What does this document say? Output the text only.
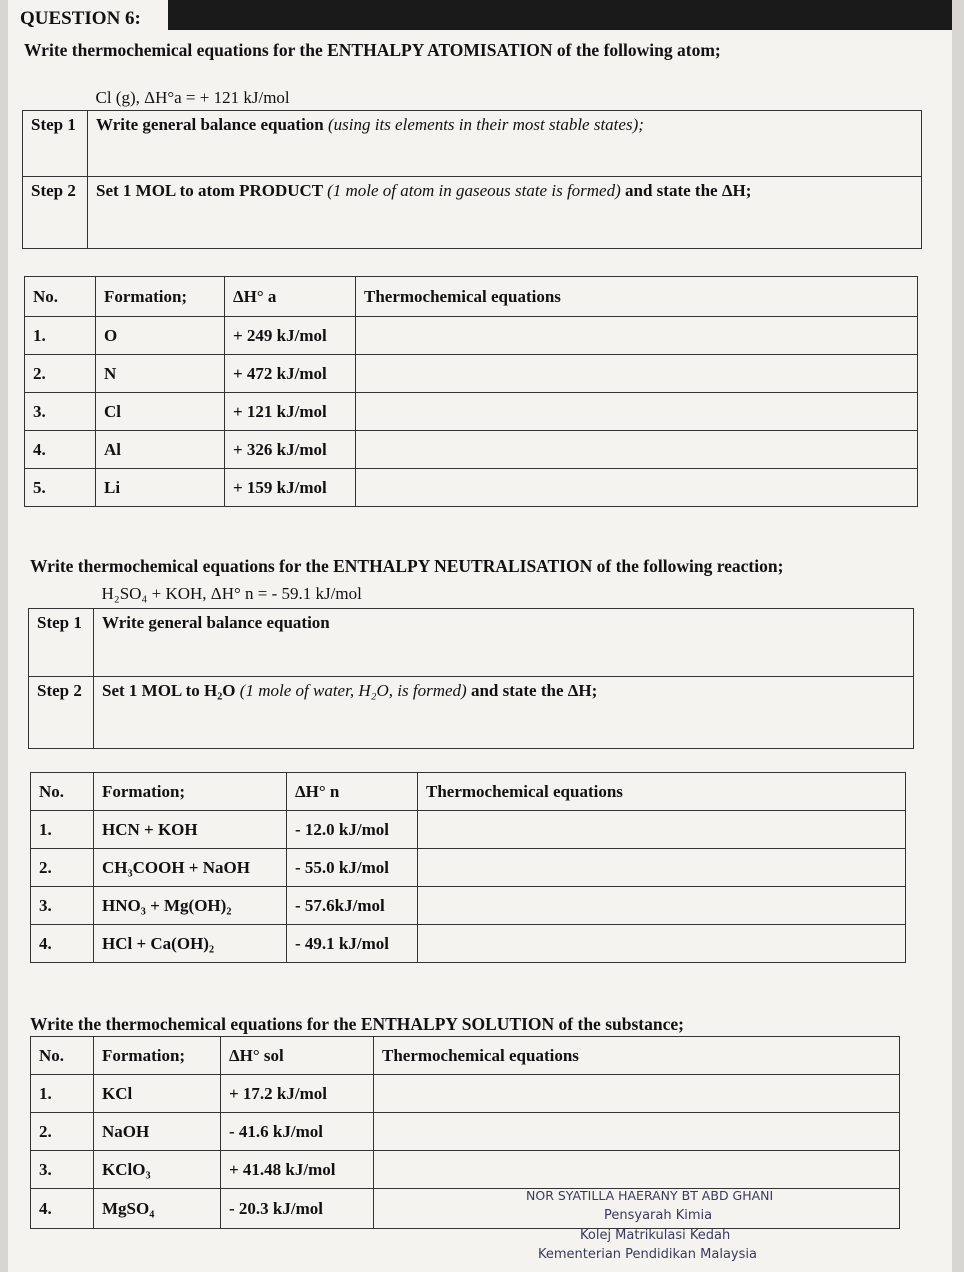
QUESTION 6:
Write thermochemical equations for the ENTHALPY ATOMISATION of the following atom;
	Cl (g), ΔH°a = + 121 kJ/mol
Step 1	Write general balance equation (using its elements in their most stable states);
Step 2	Set 1 MOL to atom PRODUCT (1 mole of atom in gaseous state is formed) and state the ΔH;
No.	Formation;	ΔH° a	Thermochemical equations
1.	O	+ 249 kJ/mol	
2.	N	+ 472 kJ/mol	
3.	Cl	+ 121 kJ/mol	
4.	Al	+ 326 kJ/mol	
5.	Li	+ 159 kJ/mol	
Write thermochemical equations for the ENTHALPY NEUTRALISATION of the following reaction;
	H₂SO₄ + KOH, ΔH° n = - 59.1 kJ/mol
Step 1	Write general balance equation
Step 2	Set 1 MOL to H₂O (1 mole of water, H₂O, is formed) and state the ΔH;
No.	Formation;	ΔH° n	Thermochemical equations
1.	HCN + KOH	- 12.0 kJ/mol	
2.	CH₃COOH + NaOH	- 55.0 kJ/mol	
3.	HNO₃ + Mg(OH)₂	- 57.6kJ/mol	
4.	HCl + Ca(OH)₂	- 49.1 kJ/mol	
Write the thermochemical equations for the ENTHALPY SOLUTION of the substance;
No.	Formation;	ΔH° sol	Thermochemical equations
1.	KCl	+ 17.2 kJ/mol	
2.	NaOH	- 41.6 kJ/mol	
3.	KClO₃	+ 41.48 kJ/mol	
4.	MgSO₄	- 20.3 kJ/mol	
NOR SYATILLA HAERANY BT ABD GHANI
Pensyarah Kimia
Kolej Matrikulasi Kedah
Kementerian Pendidikan Malaysia
